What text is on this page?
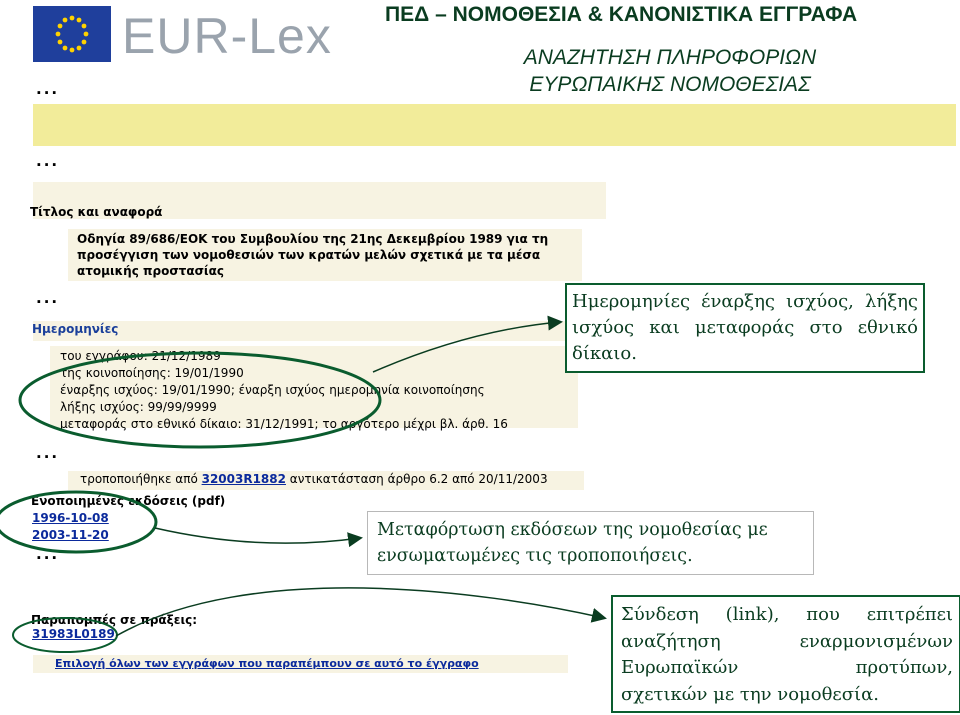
EUR-Lex	ΠΕΔ – ΝΟΜΟΘΕΣΙΑ & ΚΑΝΟΝΙΣΤΙΚΑ ΕΓΓΡΑΦΑ
ΑΝΑΖΗΤΗΣΗ ΠΛΗΡΟΦΟΡΙΩΝ
ΕΥΡΩΠΑΙΚΗΣ ΝΟΜΟΘΕΣΙΑΣ
...
...
Τίτλος και αναφορά
Οδηγία 89/686/ΕΟΚ του Συμβουλίου της 21ης Δεκεμβρίου 1989 για τη
προσέγγιση των νομοθεσιών των κρατών μελών σχετικά με τα μέσα
ατομικής προστασίας
...
Ημερομηνίες
του εγγράφου: 21/12/1989
της κοινοποίησης: 19/01/1990
έναρξης ισχύος: 19/01/1990; έναρξη ισχύος ημερομηνία κοινοποίησης
λήξης ισχύος: 99/99/9999
μεταφοράς στο εθνικό δίκαιο: 31/12/1991; το αργότερο μέχρι βλ. άρθ. 16
...
τροποποιήθηκε από 32003R1882 αντικατάσταση άρθρο 6.2 από 20/11/2003
Ενοποιημένες εκδόσεις (pdf)
1996-10-08
2003-11-20
...
Παραπομπές σε πράξεις:
31983L0189
Επιλογή όλων των εγγράφων που παραπέμπουν σε αυτό το έγγραφο
Ημερομηνίες έναρξης ισχύος, λήξης ισχύος και μεταφοράς στο εθνικό δίκαιο.
Μεταφόρτωση εκδόσεων της νομοθεσίας με ενσωματωμένες τις τροποποιήσεις.
Σύνδεση (link), που επιτρέπει
αναζήτηση εναρμονισμένων
Ευρωπαϊκών προτύπων,
σχετικών με την νομοθεσία.
